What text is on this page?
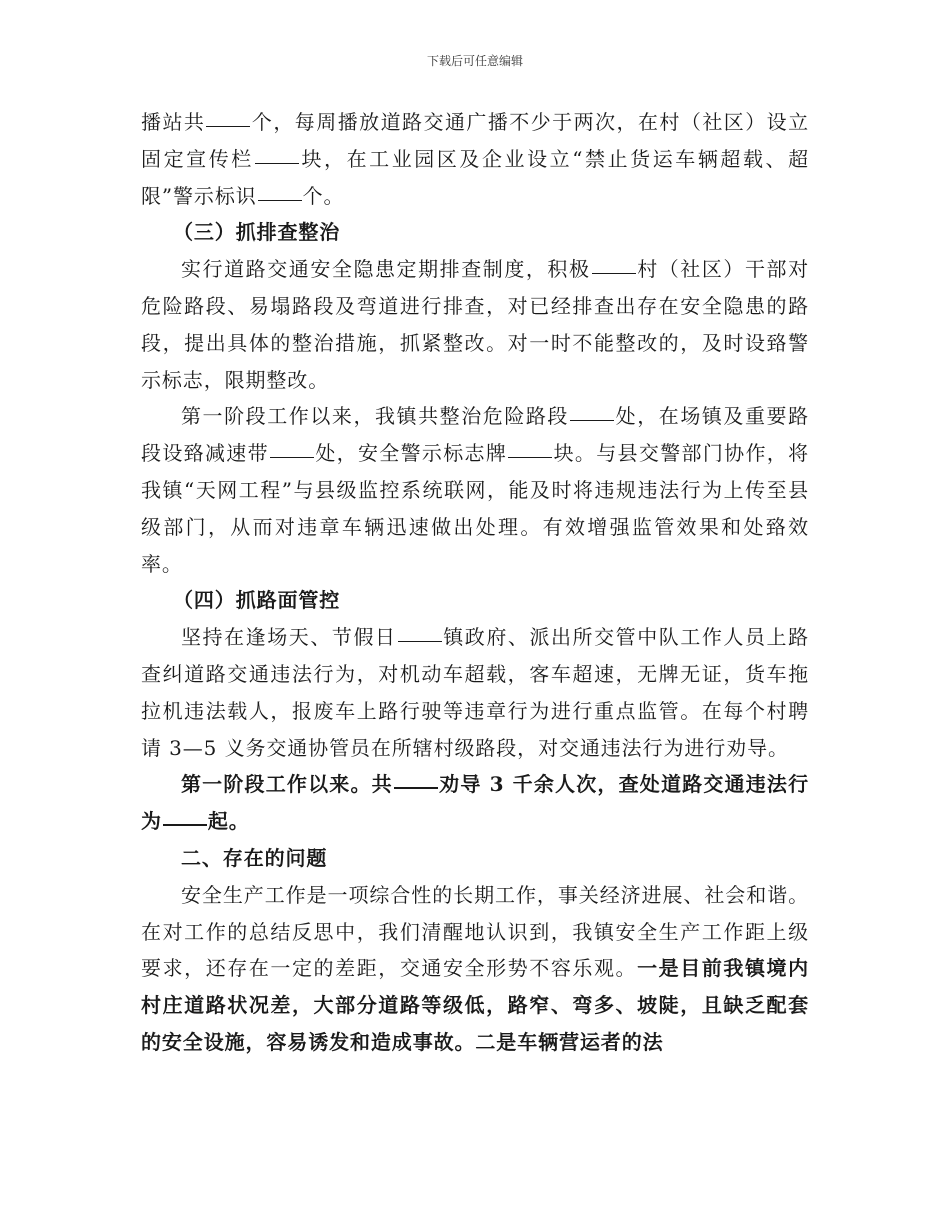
下载后可任意编辑

播站共 个，每周播放道路交通广播不少于两次，在村（社区）设立固定宣传栏 块，在工业园区及企业设立“禁止货运车辆超载、超限”警示标识 个。

（三）抓排查整治

实行道路交通安全隐患定期排查制度，积极 村（社区）干部对危险路段、易塌路段及弯道进行排查，对已经排查出存在安全隐患的路段，提出具体的整治措施，抓紧整改。对一时不能整改的，及时设臵警示标志，限期整改。

第一阶段工作以来，我镇共整治危险路段 处，在场镇及重要路段设臵减速带 处，安全警示标志牌 块。与县交警部门协作，将我镇“天网工程”与县级监控系统联网，能及时将违规违法行为上传至县级部门，从而对违章车辆迅速做出处理。有效增强监管效果和处臵效率。

（四）抓路面管控

坚持在逢场天、节假日 镇政府、派出所交管中队工作人员上路查纠道路交通违法行为，对机动车超载，客车超速，无牌无证，货车拖拉机违法载人，报废车上路行驶等违章行为进行重点监管。在每个村聘请 3—5 义务交通协管员在所辖村级路段，对交通违法行为进行劝导。

第一阶段工作以来。共 劝导 3 千余人次，查处道路交通违法行为 起。

二、存在的问题

安全生产工作是一项综合性的长期工作，事关经济进展、社会和谐。在对工作的总结反思中，我们清醒地认识到，我镇安全生产工作距上级要求，还存在一定的差距，交通安全形势不容乐观。一是目前我镇境内村庄道路状况差，大部分道路等级低，路窄、弯多、坡陡，且缺乏配套的安全设施，容易诱发和造成事故。二是车辆营运者的法
